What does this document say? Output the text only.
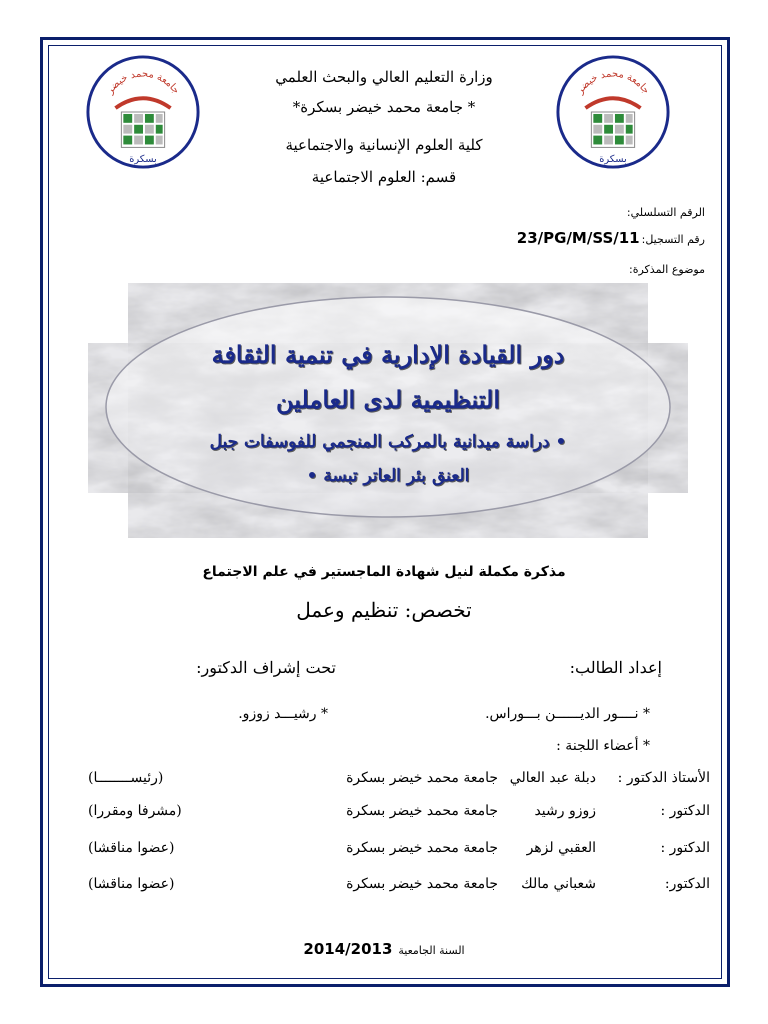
جامعة محمد خيضر
بسكرة
جامعة محمد خيضر
بسكرة
وزارة التعليم العالي والبحث العلمي
* جامعة محمد خيضر بسكرة*
كلية العلوم الإنسانية والاجتماعية
قسم: العلوم الاجتماعية
الرقم التسلسلي:
رقم التسجيل:
23/PG/M/SS/11
موضوع المذكرة:
دور القيادة الإدارية في تنمية الثقافة
التنظيمية لدى العاملين
• دراسة ميدانية بالمركب المنجمي للفوسفات جبل
العنق بئر العاتر تبسة •
مذكرة مكملة لنيل شهادة الماجستير في علم الاجتماع
تخصص: تنظيم وعمل
إعداد الطالب:
تحت إشراف الدكتور:
* نــــور الديــــــن بـــوراس.
* رشيـــد زوزو.
* أعضاء اللجنة :
الأستاذ الدكتور :
دبلة عبد العالي
جامعة محمد خيضر بسكرة
(رئيســــــــا)
الدكتور :
زوزو رشيد
جامعة محمد خيضر بسكرة
(مشرفا ومقررا)
الدكتور :
العقبي لزهر
جامعة محمد خيضر بسكرة
(عضوا مناقشا)
الدكتور:
شعباني مالك
جامعة محمد خيضر بسكرة
(عضوا مناقشا)
السنة الجامعية
2014/2013
